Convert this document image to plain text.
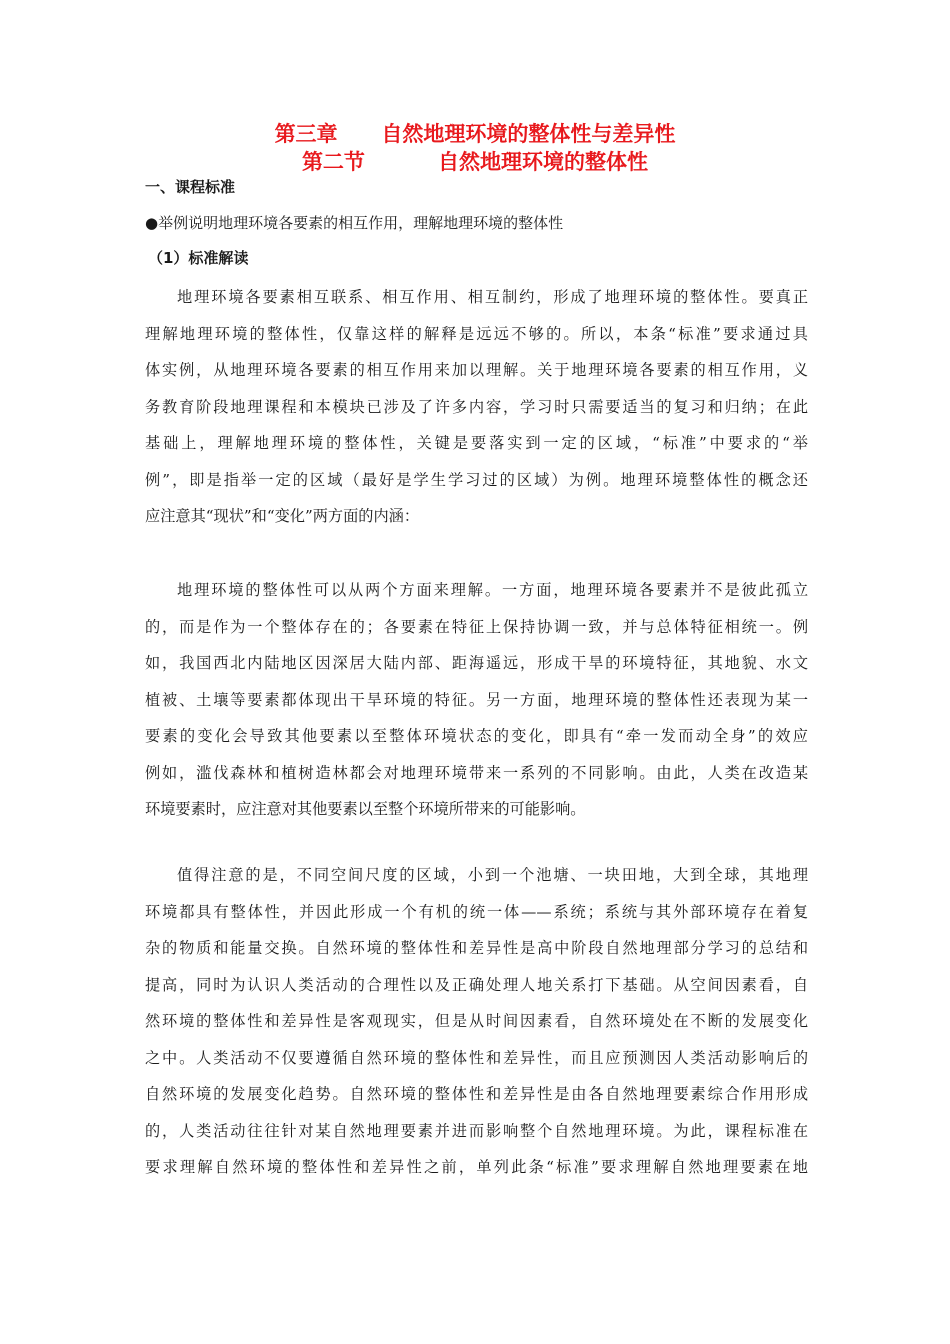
第三章      自然地理环境的整体性与差异性
第二节          自然地理环境的整体性
一、课程标准
●举例说明地理环境各要素的相互作用，理解地理环境的整体性
（1）标准解读
地理环境各要素相互联系、相互作用、相互制约，形成了地理环境的整体性。要真正
理解地理环境的整体性，仅靠这样的解释是远远不够的。所以，本条“标准”要求通过具
体实例，从地理环境各要素的相互作用来加以理解。关于地理环境各要素的相互作用，义
务教育阶段地理课程和本模块已涉及了许多内容，学习时只需要适当的复习和归纳；在此
基础上，理解地理环境的整体性，关键是要落实到一定的区域，“标准”中要求的“举
例”，即是指举一定的区域（最好是学生学习过的区域）为例。地理环境整体性的概念还
应注意其“现状”和“变化”两方面的内涵：
地理环境的整体性可以从两个方面来理解。一方面，地理环境各要素并不是彼此孤立
的，而是作为一个整体存在的；各要素在特征上保持协调一致，并与总体特征相统一。例
如，我国西北内陆地区因深居大陆内部、距海遥远，形成干旱的环境特征，其地貌、水文
植被、土壤等要素都体现出干旱环境的特征。另一方面，地理环境的整体性还表现为某一
要素的变化会导致其他要素以至整体环境状态的变化，即具有“牵一发而动全身”的效应
例如，滥伐森林和植树造林都会对地理环境带来一系列的不同影响。由此，人类在改造某
环境要素时，应注意对其他要素以至整个环境所带来的可能影响。
值得注意的是，不同空间尺度的区域，小到一个池塘、一块田地，大到全球，其地理
环境都具有整体性，并因此形成一个有机的统一体——系统；系统与其外部环境存在着复
杂的物质和能量交换。自然环境的整体性和差异性是高中阶段自然地理部分学习的总结和
提高，同时为认识人类活动的合理性以及正确处理人地关系打下基础。从空间因素看，自
然环境的整体性和差异性是客观现实，但是从时间因素看，自然环境处在不断的发展变化
之中。人类活动不仅要遵循自然环境的整体性和差异性，而且应预测因人类活动影响后的
自然环境的发展变化趋势。自然环境的整体性和差异性是由各自然地理要素综合作用形成
的，人类活动往往针对某自然地理要素并进而影响整个自然地理环境。为此，课程标准在
要求理解自然环境的整体性和差异性之前，单列此条“标准”要求理解自然地理要素在地
